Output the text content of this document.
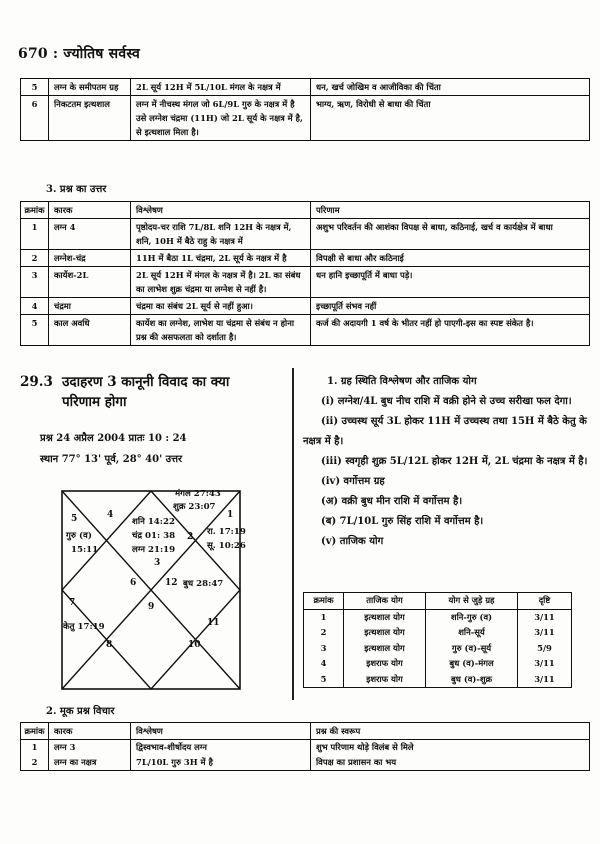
670 : ज्योतिष सर्वस्व
5	लग्न के समीपतम ग्रह	2L सूर्य 12H में 5L/10L मंगल के नक्षत्र में	धन, खर्च जोखिम व आजीविका की चिंता
6	निकटतम इत्थशाल	लग्न में नीचस्थ मंगल जो 6L/9L गुरु के नक्षत्र में है उसे लग्नेश चंद्रमा (11H) जो 2L सूर्य के नक्षत्र में है, से इत्थशाल मिला है।	भाग्य, ऋण, विरोधी से बाधा की चिंता
3. प्रश्न का उत्तर
क्रमांक	कारक	विश्लेषण	परिणाम
1	लग्न 4	पृष्ठोदय-चर राशि 7L/8L शनि 12H के नक्षत्र में, शनि, 10H में बैठे राहु के नक्षत्र में	अशुभ परिवर्तन की आशंका विपक्ष से बाधा, कठिनाई, खर्च व कार्यक्षेत्र में बाधा
2	लग्नेश-चंद्र	11H में बैठा 1L चंद्रमा, 2L सूर्य के नक्षत्र में है	विपक्षी से बाधा और कठिनाई
3	कार्येश-2L	2L सूर्य 12H में मंगल के नक्षत्र में है। 2L का संबंध का लाभेश शुक्र चंद्रमा या लग्नेश से नहीं है।	धन हानि इच्छापूर्ति में बाधा पड़े।
4	चंद्रमा	चंद्रमा का संबंध 2L सूर्य से नहीं हुआ।	इच्छापूर्ति संभव नहीं
5	काल अवधि	कार्येश का लग्नेश, लाभेश या चंद्रमा से संबंध न होना प्रश्न की असफलता को दर्शाता है।	कर्ज की अदायगी 1 वर्ष के भीतर नहीं हो पाएगी-इस का स्पष्ट संकेत है।
29.3 उदाहरण 3 कानूनी विवाद का क्या
परिणाम होगा
प्रश्न 24 अप्रैल 2004 प्रातः 10 : 24
स्थान 77° 13' पूर्व, 28° 40' उत्तर
3
2
1
4
5
6
7
8
9
10
11
12
शनि 14:22
चंद्र 01: 38
लग्न 21:19
मंगल 27:43
शुक्र 23:07
रा. 17:19
सू. 10:26
गुरु (व)
15:11
बुध 28:47
केतु 17:19

1. ग्रह स्थिति विश्लेषण और ताजिक योग

(i) लग्नेश/4L बुध नीच राशि में वक्री होने से उच्च सरीखा फल देगा।

(ii) उच्चस्थ सूर्य 3L होकर 11H में उच्चस्थ तथा 15H में बैठे केतु के नक्षत्र में है।

(iii) स्वगृही शुक्र 5L/12L होकर 12H में, 2L चंद्रमा के नक्षत्र में है।

(iv) वर्गोत्तम ग्रह

(अ) वक्री बुध मीन राशि में वर्गोत्तम है।

(ब) 7L/10L गुरु सिंह राशि में वर्गोत्तम है।

(v) ताजिक योग

क्रमांक	ताजिक योग	योग से जुड़े ग्रह	दृष्टि
1	इत्थशाल योग	शनि-गुरु (व)	3/11
2	इत्थशाल योग	शनि-सूर्य	3/11
3	इत्थशाल योग	गुरु (व)-सूर्य	5/9
4	इशराफ योग	बुध (व)-मंगल	3/11
5	इशराफ योग	बुध (व)-शुक्र	3/11
2. मूक प्रश्न विचार
क्रमांक	कारक	विश्लेषण	प्रश्न की स्वरूप
1	लग्न 3	द्विस्वभाव-शीर्षोदय लग्न	शुभ परिणाम थोड़े विलंब से मिले
2	लग्न का नक्षत्र	7L/10L गुरु 3H में है	विपक्ष का प्रशासन का भय
